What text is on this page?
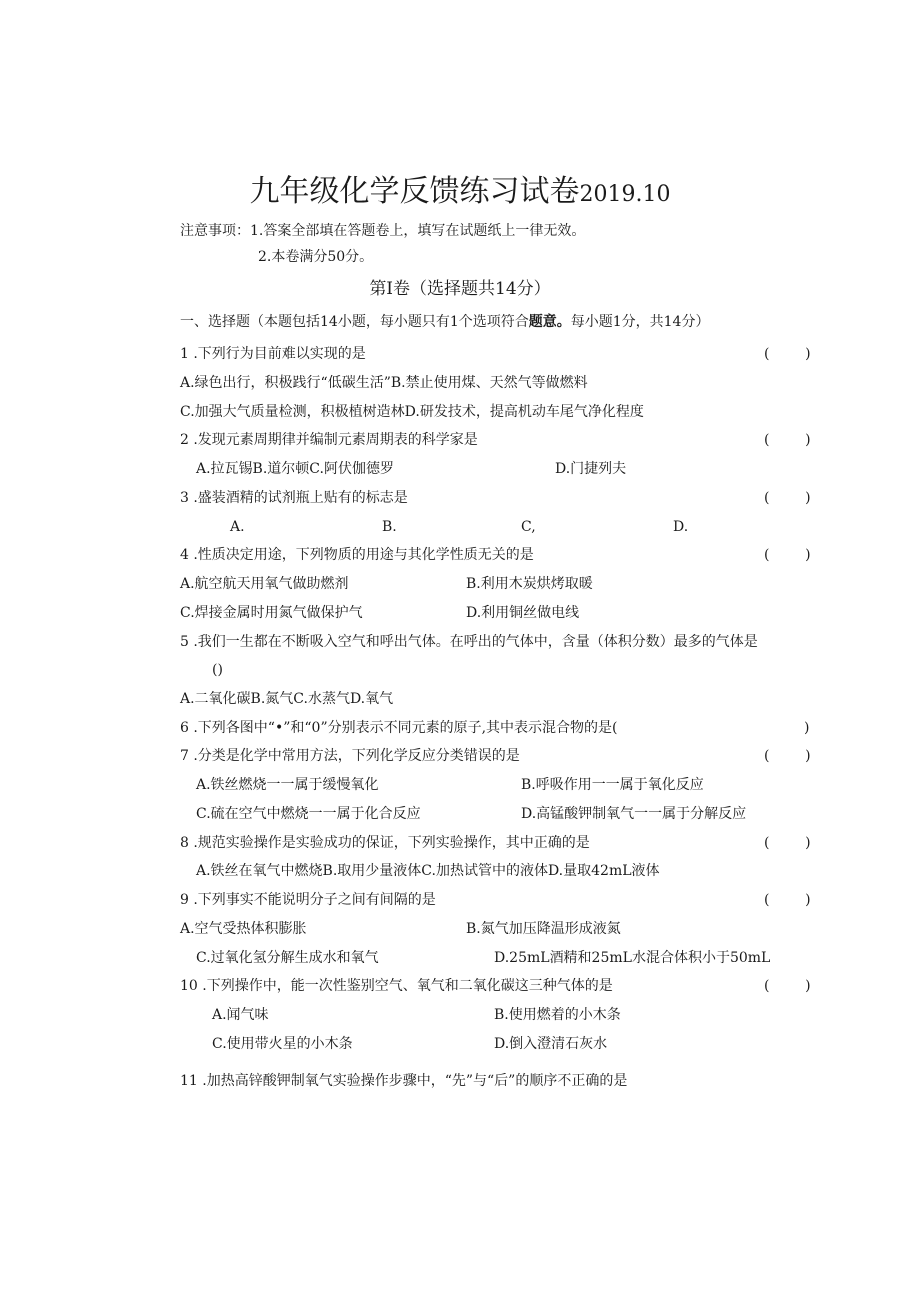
九年级化学反馈练习试卷2019.10
注意事项：1.答案全部填在答题卷上，填写在试题纸上一律无效。
2.本卷满分50分。
第Ⅰ卷（选择题共14分）
一、选择题（本题包括14小题，每小题只有1个选项符合题意。每小题1分，共14分）
1 .下列行为目前难以实现的是	(        )
A.绿色出行，积极践行“低碳生活”B.禁止使用煤、天然气等做燃料
C.加强大气质量检测，积极植树造林D.研发技术，提高机动车尾气净化程度
2 .发现元素周期律并编制元素周期表的科学家是	(        )
A.拉瓦锡B.道尔顿C.阿伏伽德罗	D.门捷列夫
3 .盛装酒精的试剂瓶上贴有的标志是	(        )
A.	B.	C,	D.
4 .性质决定用途，下列物质的用途与其化学性质无关的是	(        )
A.航空航天用氧气做助燃剂	B.利用木炭烘烤取暖
C.焊接金属时用氮气做保护气	D.利用铜丝做电线
5 .我们一生都在不断吸入空气和呼出气体。在呼出的气体中，含量（体积分数）最多的气体是
()
A.二氧化碳B.氮气C.水蒸气D.氧气
6 .下列各图中“•”和“0”分别表示不同元素的原子,其中表示混合物的是(	)
7 .分类是化学中常用方法，下列化学反应分类错误的是	(        )
A.铁丝燃烧一一属于缓慢氧化	B.呼吸作用一一属于氧化反应
C.硫在空气中燃烧一一属于化合反应	D.高锰酸钾制氧气一一属于分解反应
8 .规范实验操作是实验成功的保证，下列实验操作，其中正确的是	(        )
A.铁丝在氧气中燃烧B.取用少量液体C.加热试管中的液体D.量取42mL液体
9 .下列事实不能说明分子之间有间隔的是	(        )
A.空气受热体积膨胀	B.氮气加压降温形成液氮
C.过氧化氢分解生成水和氧气	D.25mL酒精和25mL水混合体积小于50mL
10 .下列操作中，能一次性鉴别空气、氧气和二氧化碳这三种气体的是	(        )
A.闻气味	B.使用燃着的小木条
C.使用带火星的小木条	D.倒入澄清石灰水
11 .加热高锌酸钾制氧气实验操作步骤中，“先”与“后”的顺序不正确的是
